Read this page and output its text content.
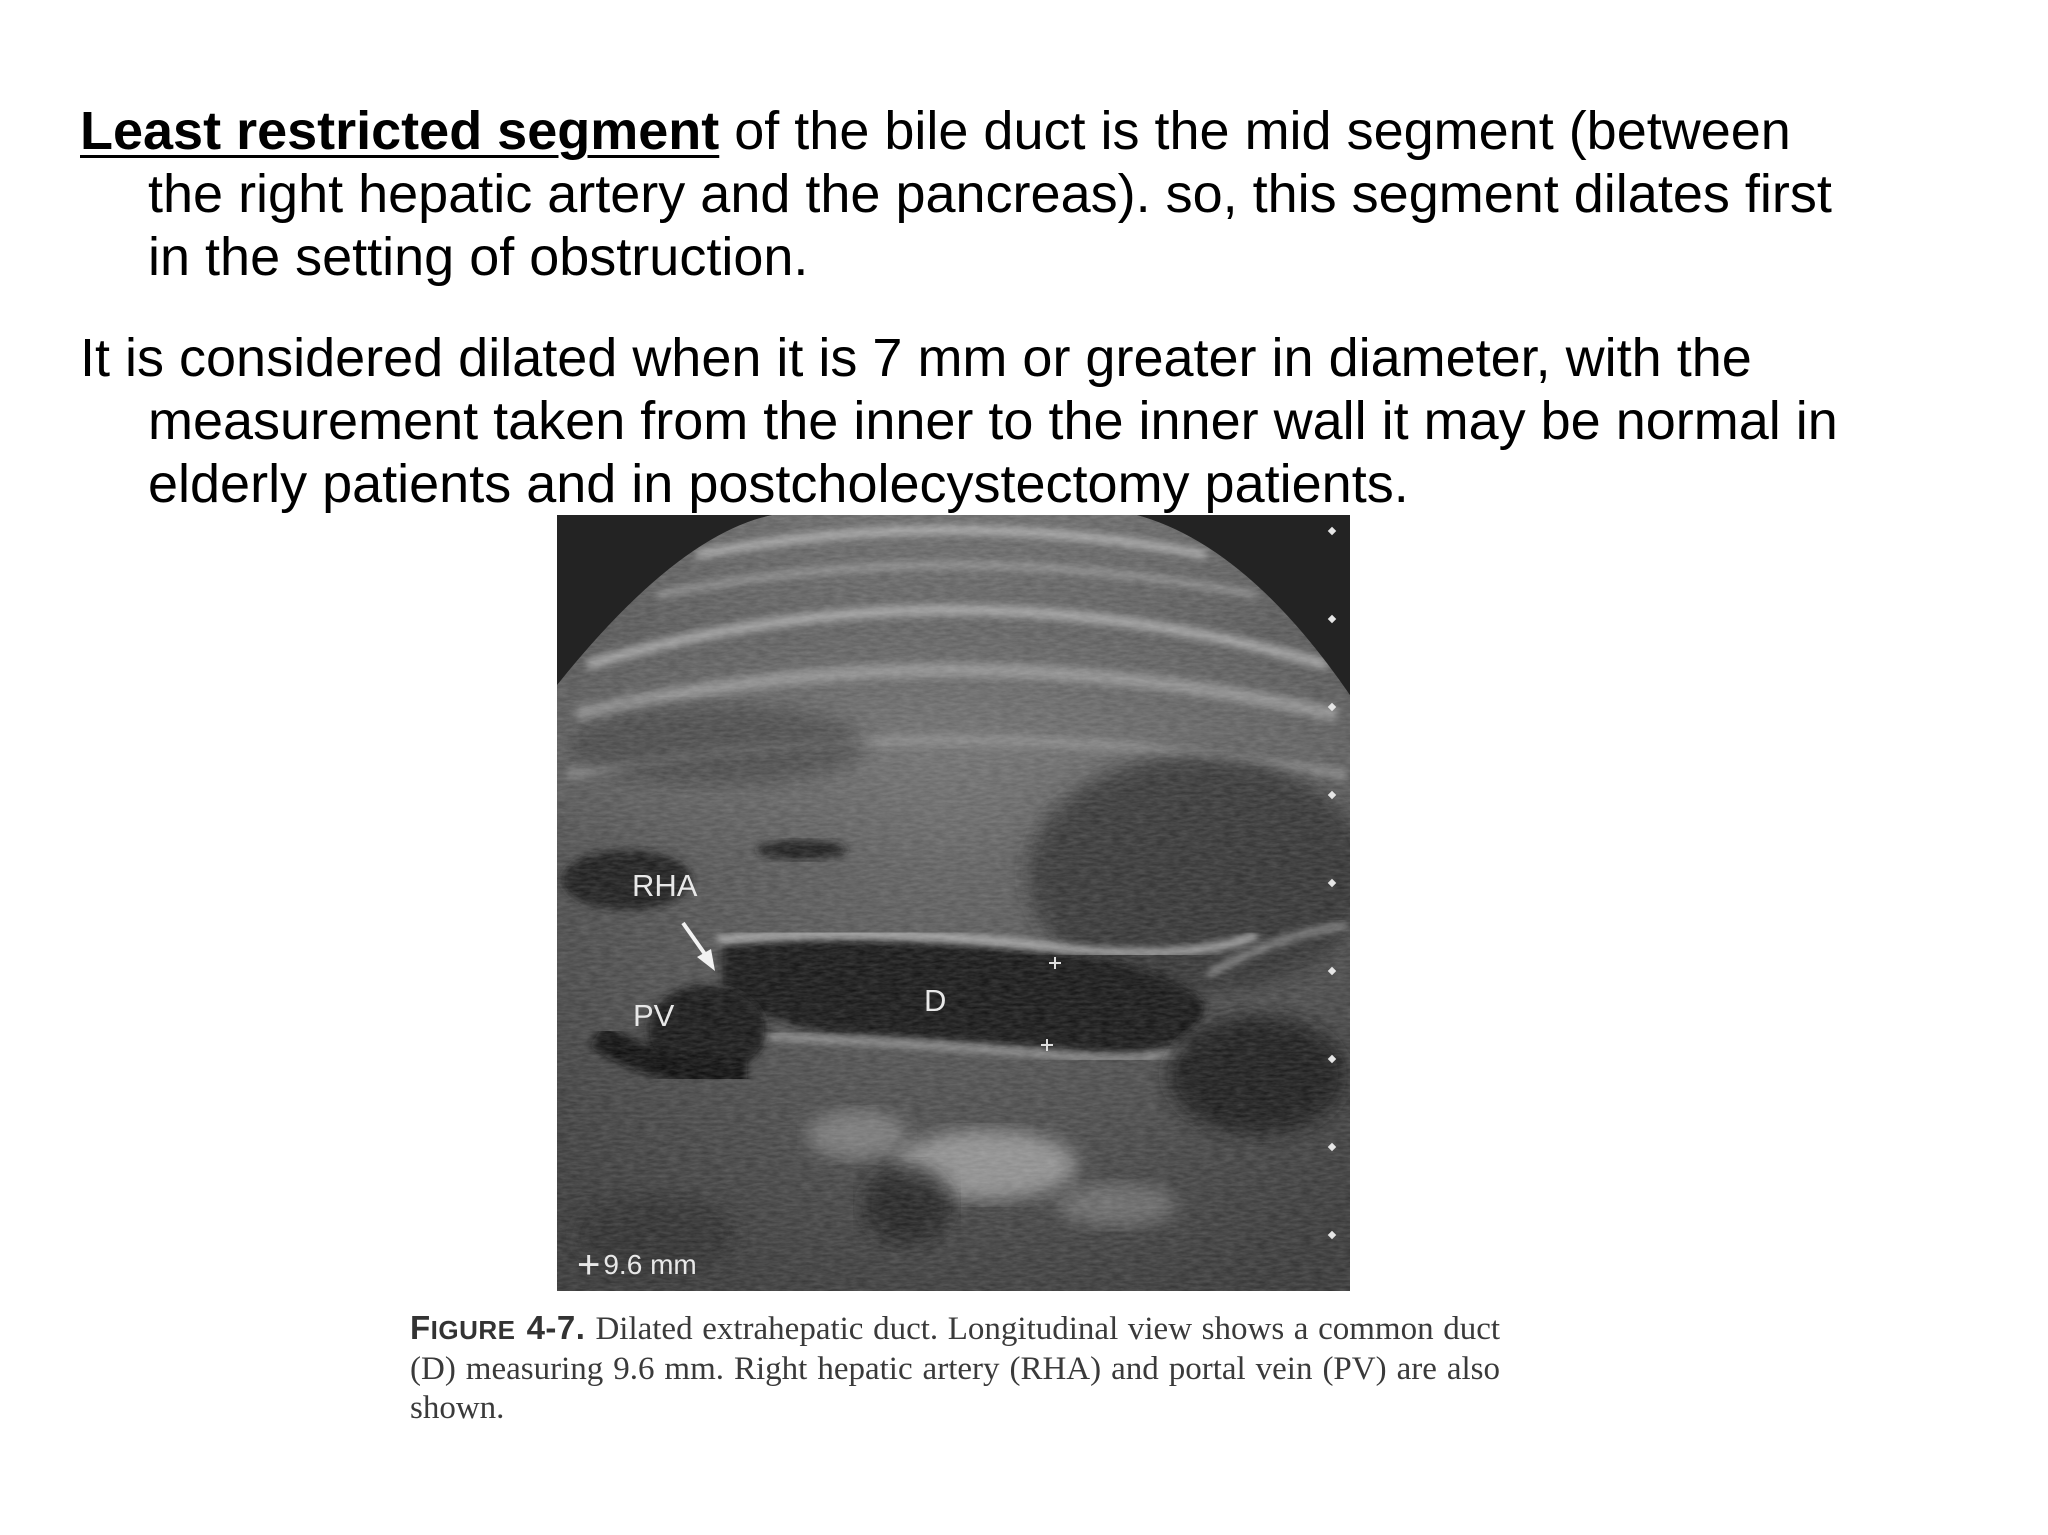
Least restricted segment of the bile duct is the mid segment (between the right hepatic artery and the pancreas). so, this segment dilates first in the setting of obstruction.

It is considered dilated when it is 7 mm or greater in diameter, with the measurement taken from the inner to the inner wall it may be normal in elderly patients and in postcholecystectomy patients.

RHA
PV	D
+ 9.6 mm
FIGURE 4-7. Dilated extrahepatic duct. Longitudinal view shows a common duct (D) measuring 9.6 mm. Right hepatic artery (RHA) and portal vein (PV) are also shown.
